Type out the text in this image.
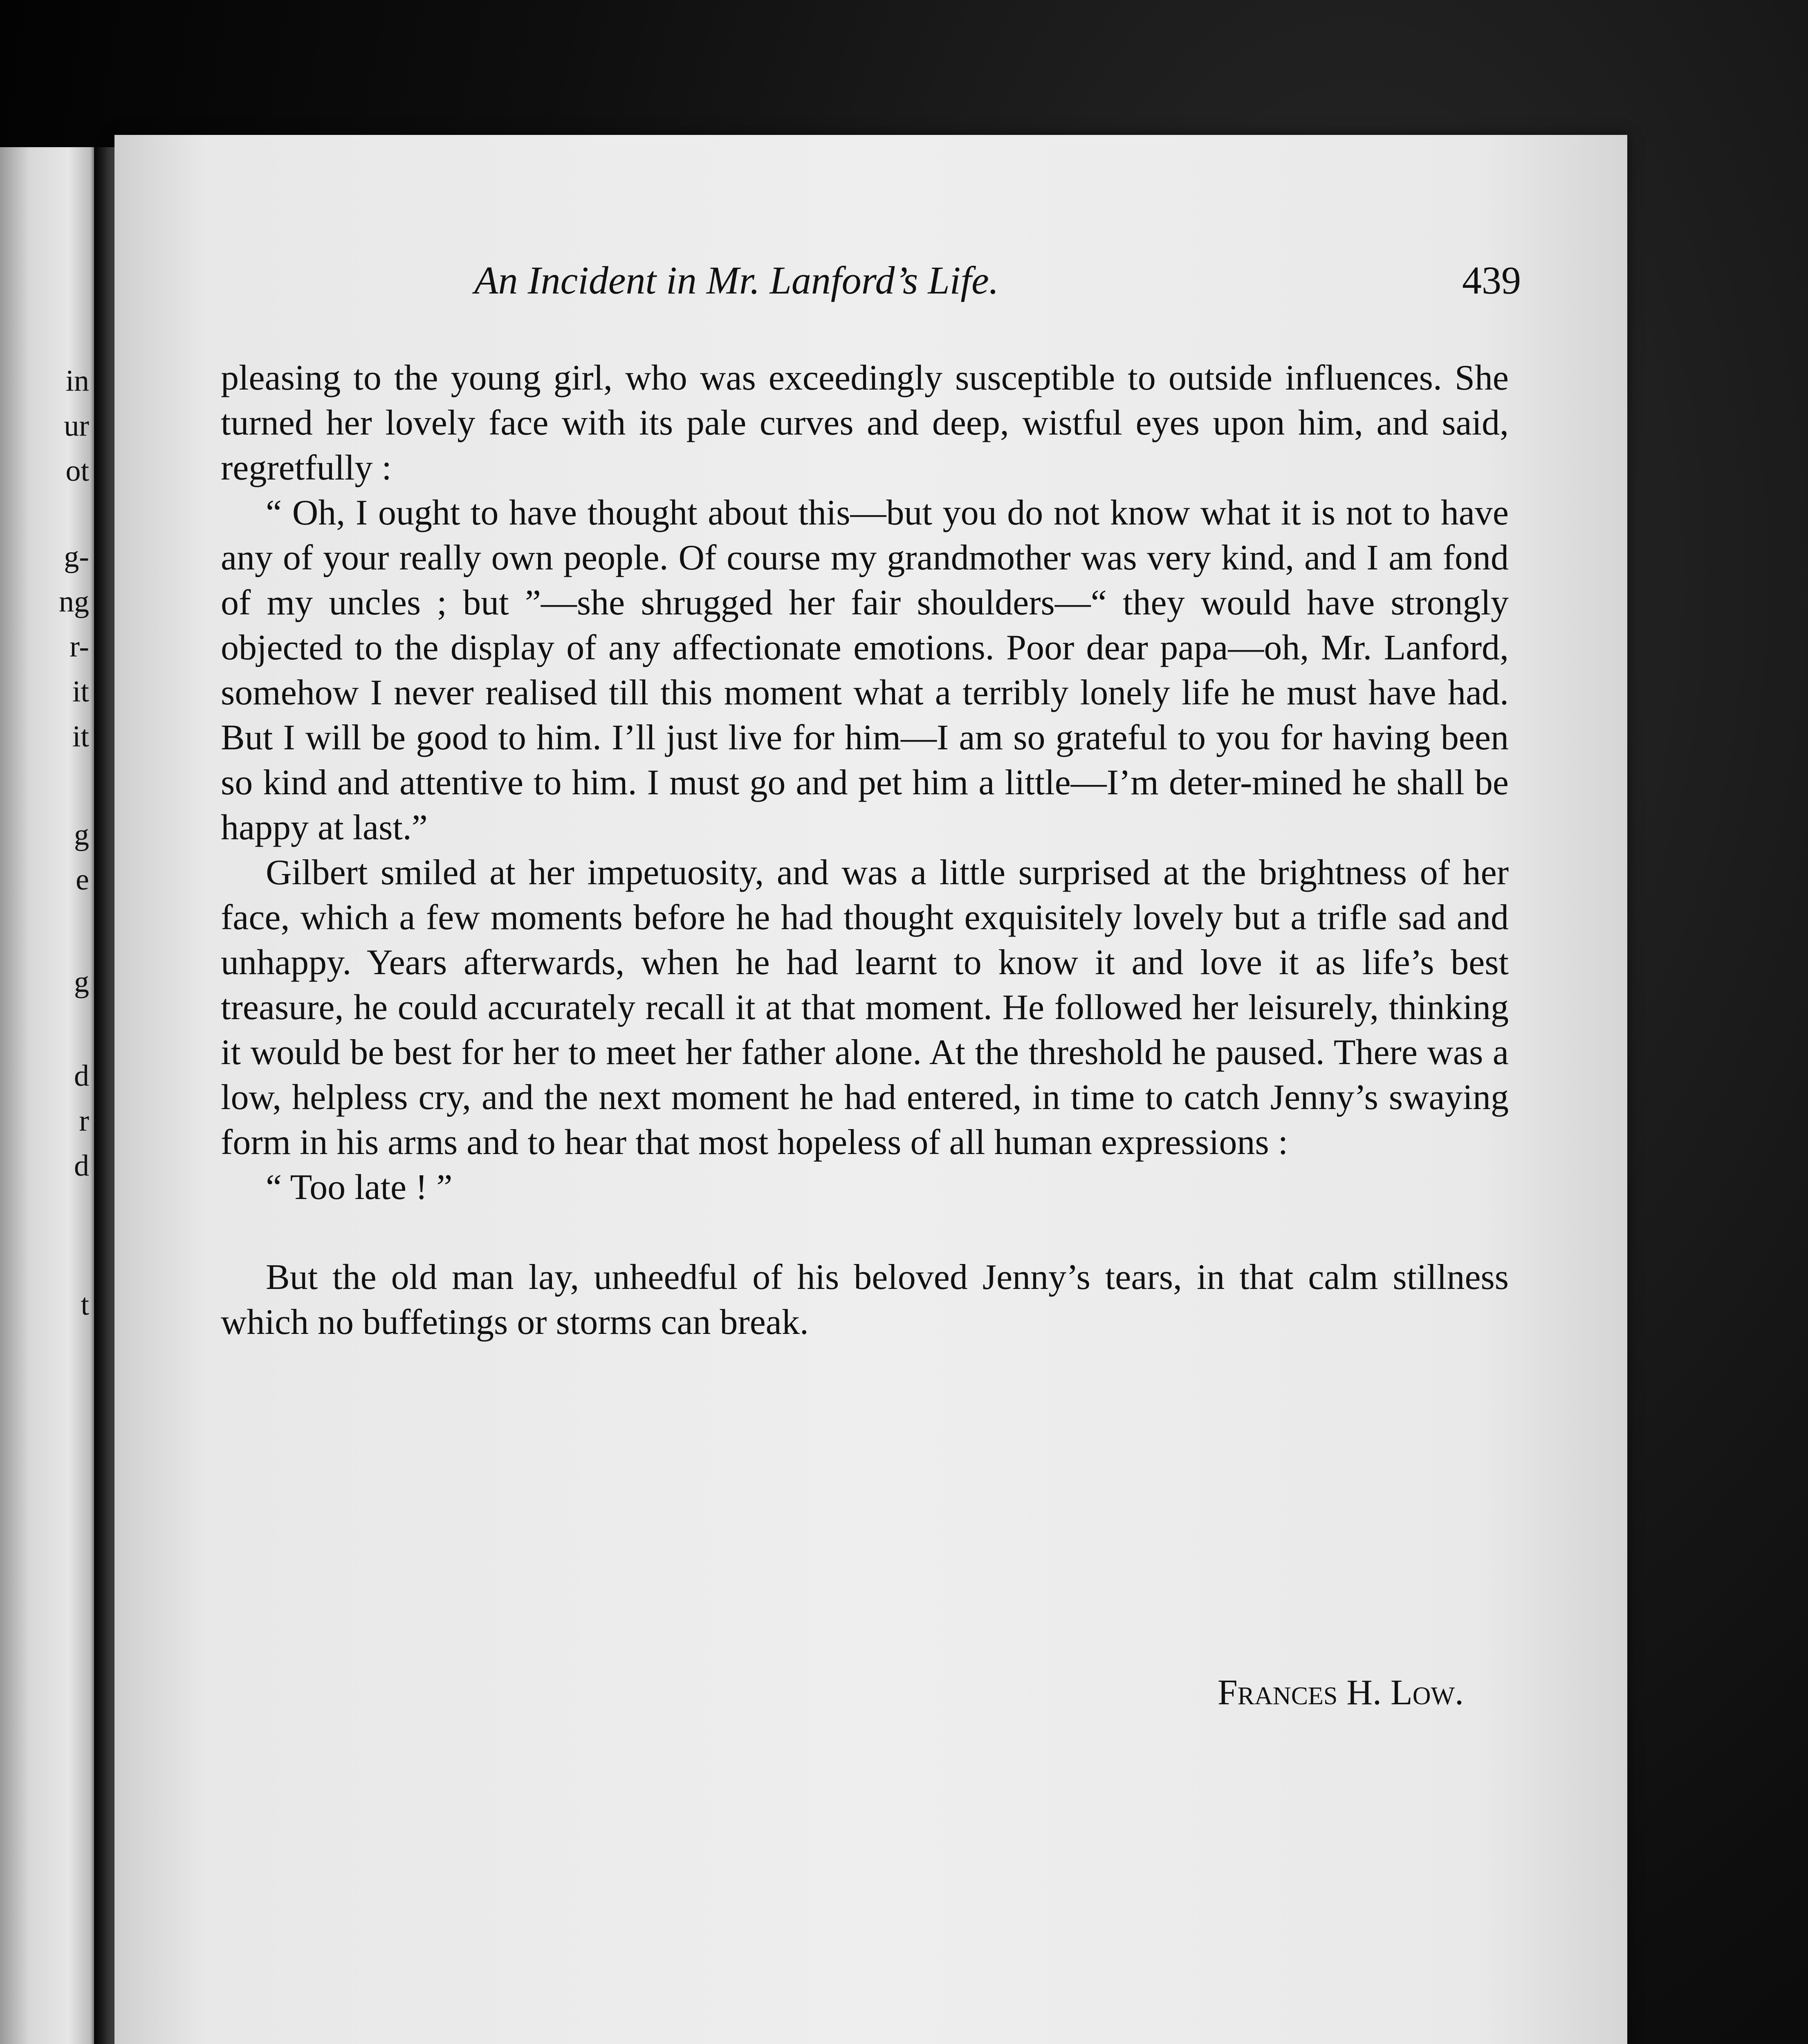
in
ur
ot
g-
ng
r-
it
it
g
e
g
d
r
d
t
An Incident in Mr. Lanford’s Life.	439

pleasing to the young girl, who was exceedingly susceptible to outside influences. She turned her lovely face with its pale curves and deep, wistful eyes upon him, and said, regretfully :

“ Oh, I ought to have thought about this—but you do not know what it is not to have any of your really own people. Of course my grandmother was very kind, and I am fond of my uncles ; but ”—she shrugged her fair shoulders—“ they would have strongly objected to the display of any affectionate emotions. Poor dear papa—oh, Mr. Lanford, somehow I never realised till this moment what a terribly lonely life he must have had. But I will be good to him. I’ll just live for him—I am so grateful to you for having been so kind and attentive to him. I must go and pet him a little—I’m deter-mined he shall be happy at last.”

Gilbert smiled at her impetuosity, and was a little surprised at the brightness of her face, which a few moments before he had thought exquisitely lovely but a trifle sad and unhappy. Years afterwards, when he had learnt to know it and love it as life’s best treasure, he could accurately recall it at that moment. He followed her leisurely, thinking it would be best for her to meet her father alone. At the threshold he paused. There was a low, helpless cry, and the next moment he had entered, in time to catch Jenny’s swaying form in his arms and to hear that most hopeless of all human expressions :

“ Too late ! ”

But the old man lay, unheedful of his beloved Jenny’s tears, in that calm stillness which no buffetings or storms can break.

Frances H. Low.
